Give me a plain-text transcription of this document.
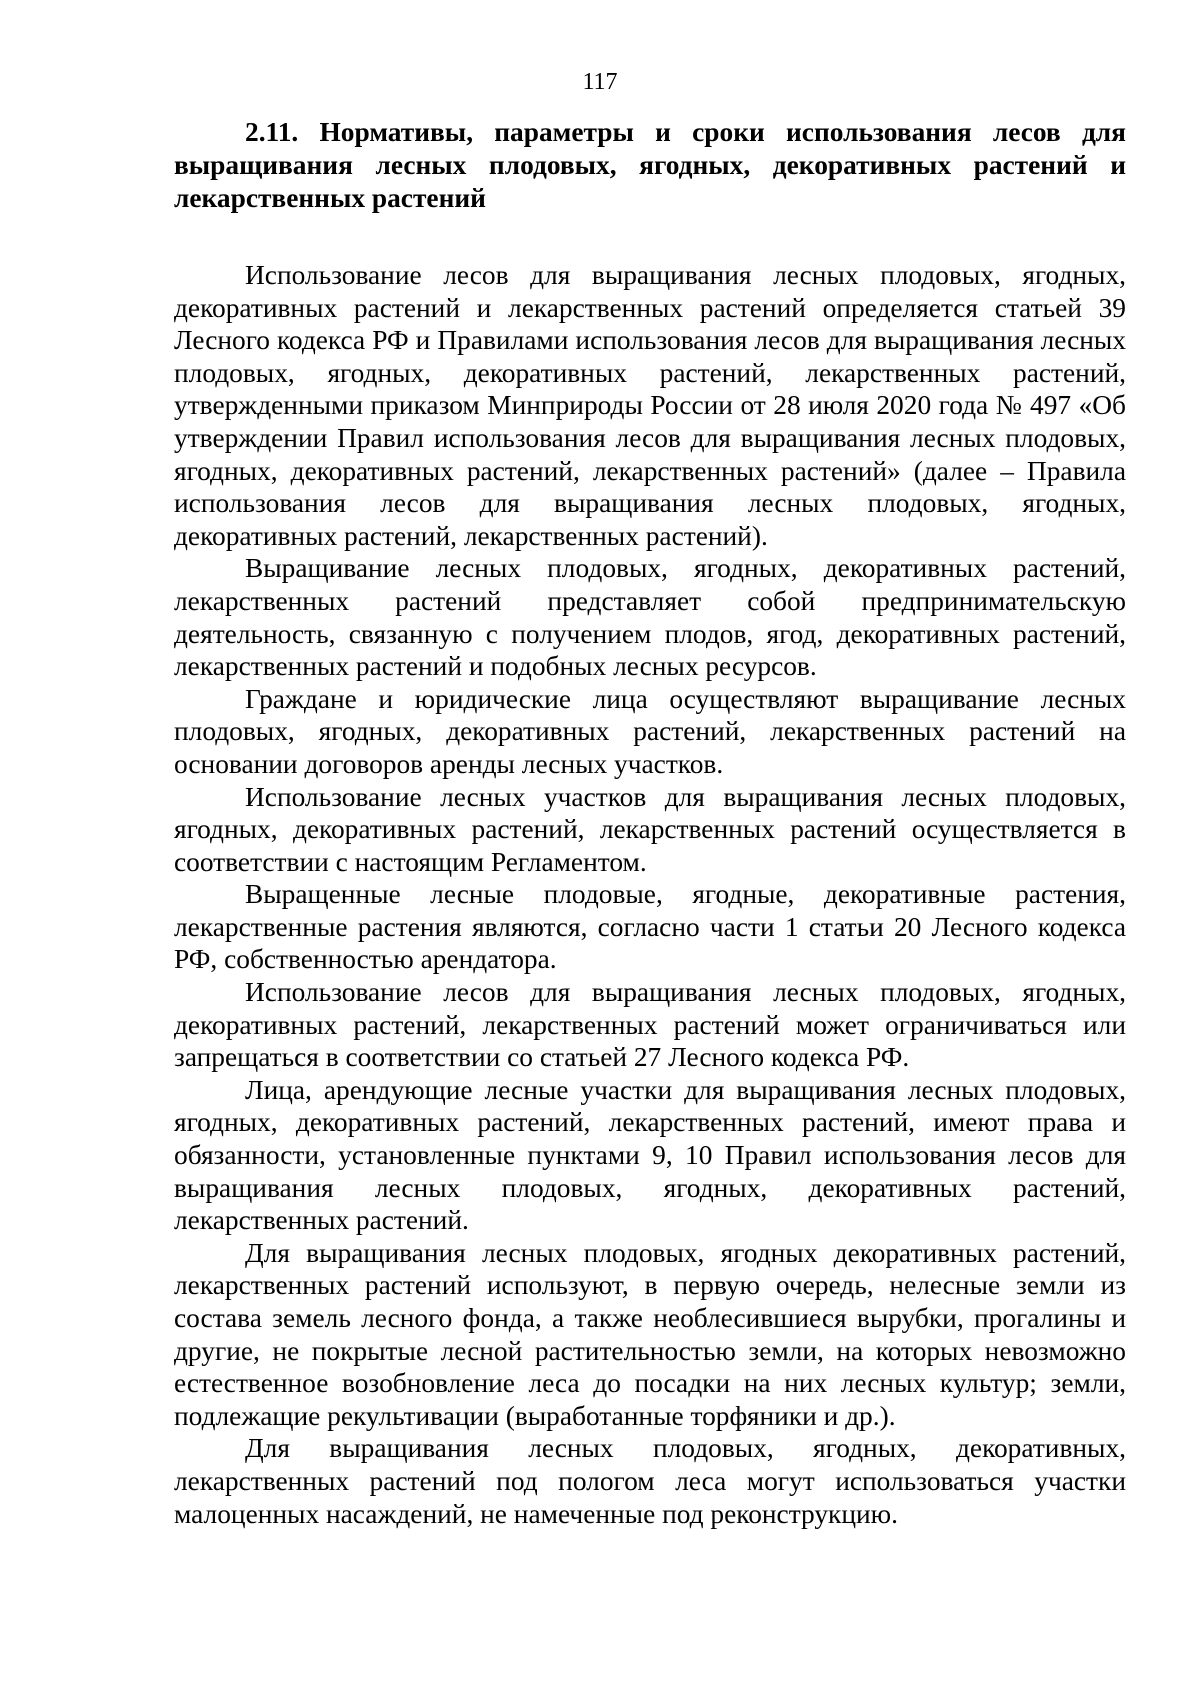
117
2.11. Нормативы, параметры и сроки использования лесов для выращивания лесных плодовых, ягодных, декоративных растений и лекарственных растений

Использование лесов для выращивания лесных плодовых, ягодных, декоративных растений и лекарственных растений определяется статьей 39 Лесного кодекса РФ и Правилами использования лесов для выращивания лесных плодовых, ягодных, декоративных растений, лекарственных растений, утвержденными приказом Минприроды России от 28 июля 2020 года № 497 «Об утверждении Правил использования лесов для выращивания лесных плодовых, ягодных, декоративных растений, лекарственных растений» (далее – Правила использования лесов для выращивания лесных плодовых, ягодных, декоративных растений, лекарственных растений).

Выращивание лесных плодовых, ягодных, декоративных растений, лекарственных растений представляет собой предпринимательскую деятельность, связанную с получением плодов, ягод, декоративных растений, лекарственных растений и подобных лесных ресурсов.

Граждане и юридические лица осуществляют выращивание лесных плодовых, ягодных, декоративных растений, лекарственных растений на основании договоров аренды лесных участков.

Использование лесных участков для выращивания лесных плодовых, ягодных, декоративных растений, лекарственных растений осуществляется в соответствии с настоящим Регламентом.

Выращенные лесные плодовые, ягодные, декоративные растения, лекарственные растения являются, согласно части 1 статьи 20 Лесного кодекса РФ, собственностью арендатора.

Использование лесов для выращивания лесных плодовых, ягодных, декоративных растений, лекарственных растений может ограничиваться или запрещаться в соответствии со статьей 27 Лесного кодекса РФ.

Лица, арендующие лесные участки для выращивания лесных плодовых, ягодных, декоративных растений, лекарственных растений, имеют права и обязанности, установленные пунктами 9, 10 Правил использования лесов для выращивания лесных плодовых, ягодных, декоративных растений, лекарственных растений.

Для выращивания лесных плодовых, ягодных декоративных растений, лекарственных растений используют, в первую очередь, нелесные земли из состава земель лесного фонда, а также необлесившиеся вырубки, прогалины и другие, не покрытые лесной растительностью земли, на которых невозможно естественное возобновление леса до посадки на них лесных культур; земли, подлежащие рекультивации (выработанные торфяники и др.).

Для выращивания лесных плодовых, ягодных, декоративных, лекарственных растений под пологом леса могут использоваться участки малоценных насаждений, не намеченные под реконструкцию.
